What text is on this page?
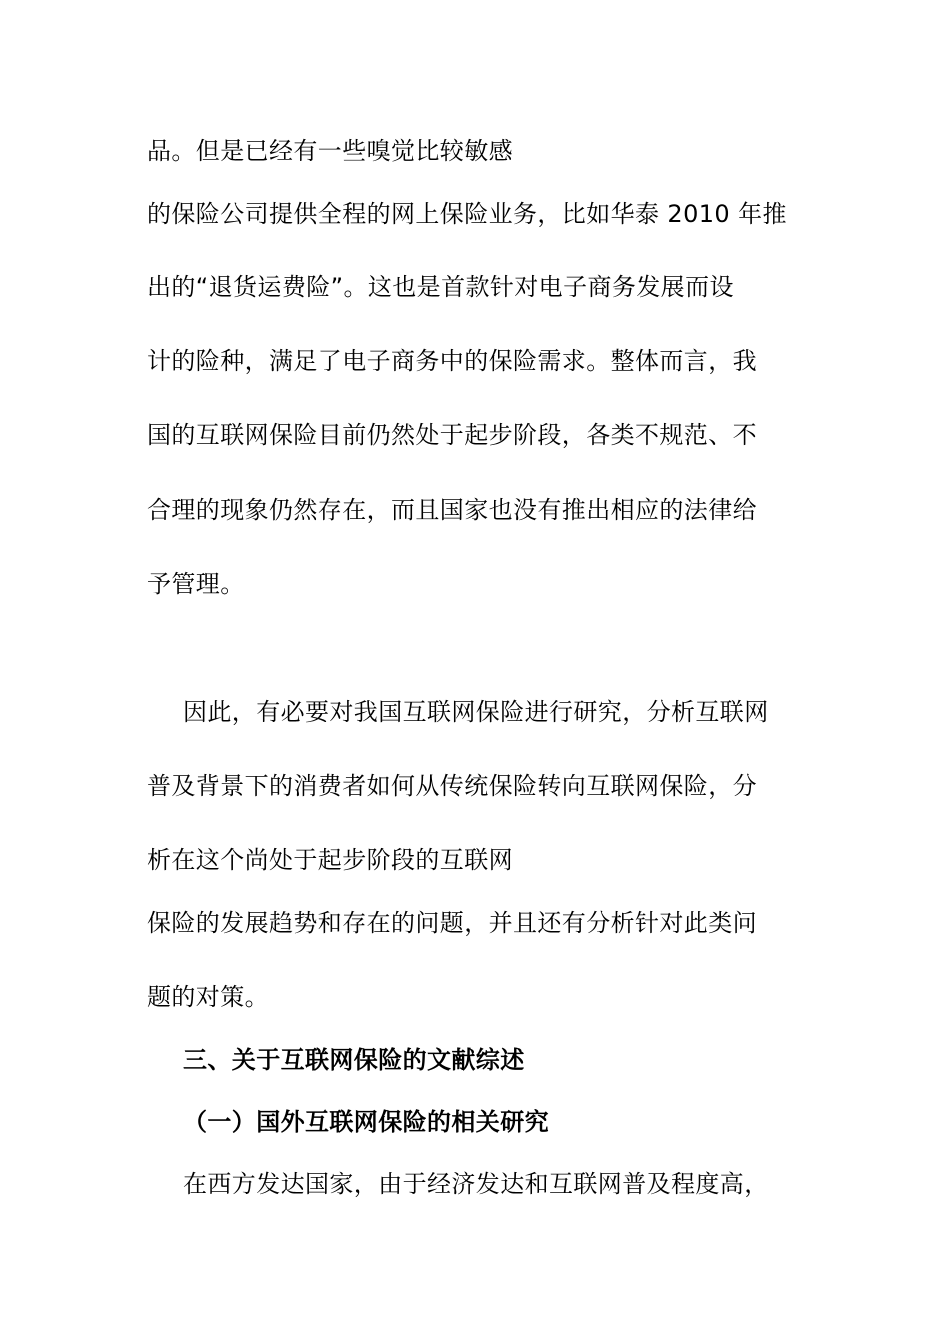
品。但是已经有一些嗅觉比较敏感
的保险公司提供全程的网上保险业务，比如华泰 2010 年推
出的“退货运费险”。这也是首款针对电子商务发展而设
计的险种，满足了电子商务中的保险需求。整体而言，我
国的互联网保险目前仍然处于起步阶段，各类不规范、不
合理的现象仍然存在，而且国家也没有推出相应的法律给
予管理。
因此，有必要对我国互联网保险进行研究，分析互联网
普及背景下的消费者如何从传统保险转向互联网保险，分
析在这个尚处于起步阶段的互联网
保险的发展趋势和存在的问题，并且还有分析针对此类问
题的对策。
三、关于互联网保险的文献综述
（一）国外互联网保险的相关研究
在西方发达国家，由于经济发达和互联网普及程度高，
